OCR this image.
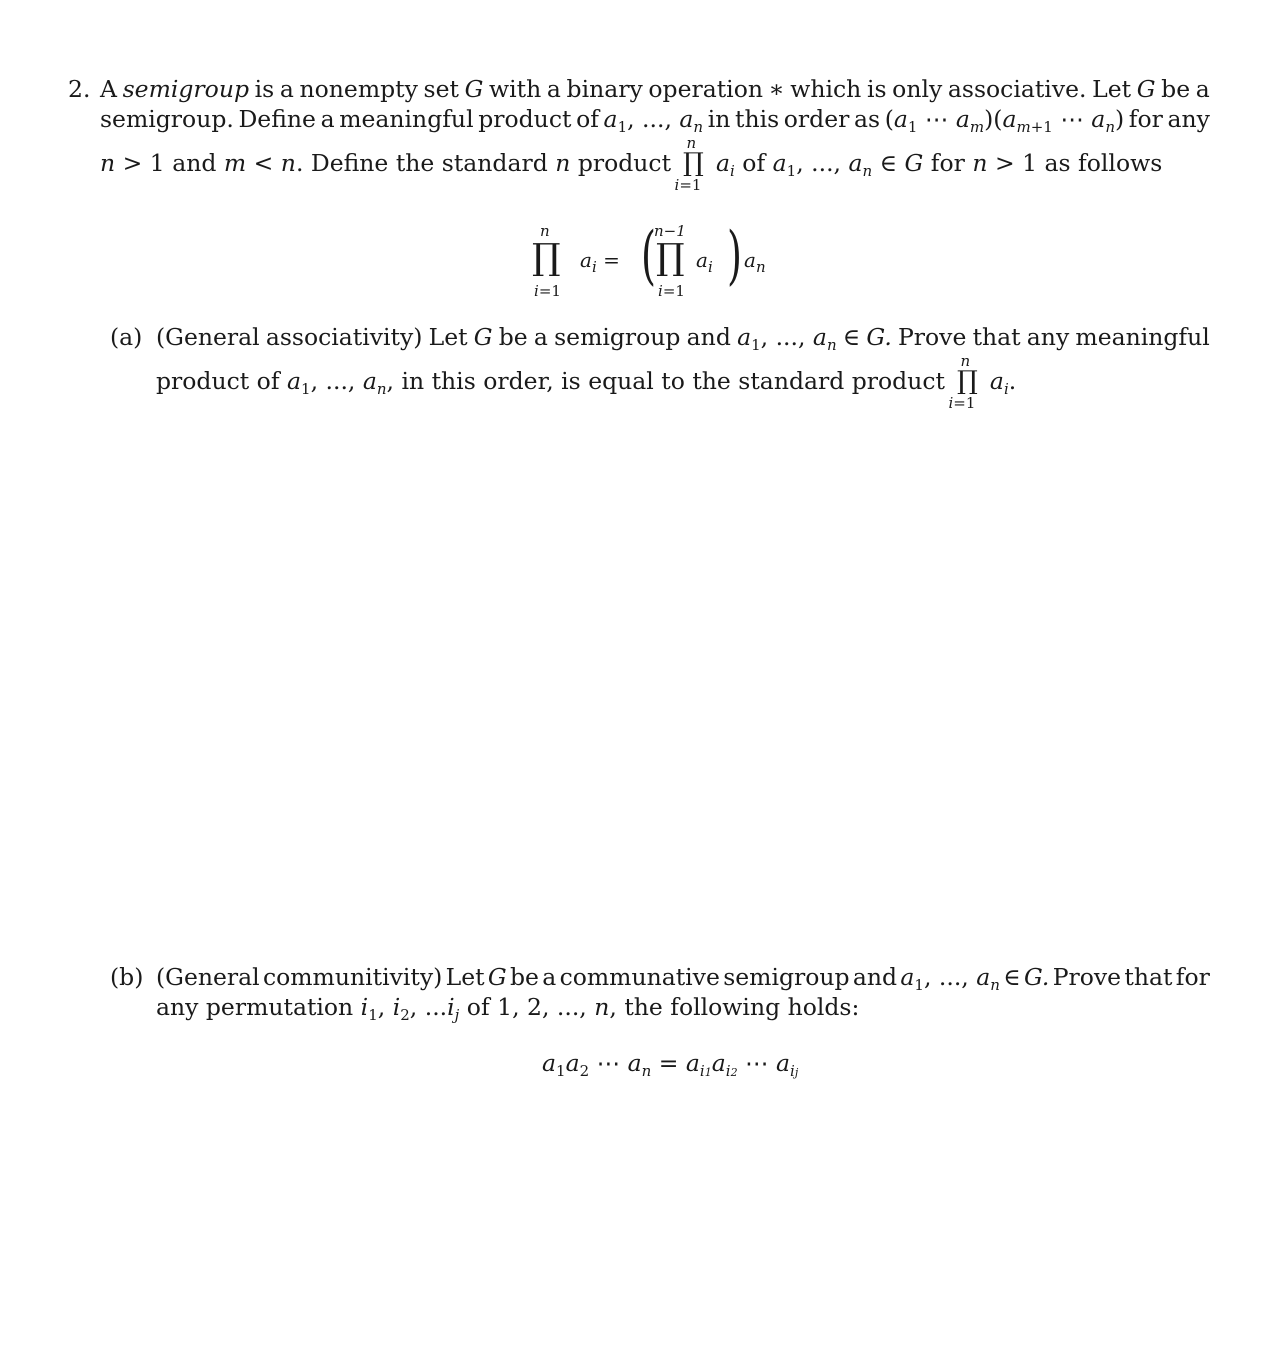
2. A semigroup is a nonempty set G with a binary operation ∗ which is only associative. Let G be a
semigroup. Define a meaningful product of $a_1$, ..., $a_n$ in this order as ($a_1$ ⋯ $a_m)(a_{m+1}$ ⋯ $a_n$) for any
n > 1 and m < n. Define the standard n product
n
∏
i=1
$a_i$ of $a_1$, ..., $a_n$ ∈ G for n > 1 as follows
n
∏
i=1
$a_i$ = (
n−1
∏
i=1
$a_i$ ) $a_n$
(a) (General associativity) Let G be a semigroup and $a_1$, ..., $a_n$ ∈ G. Prove that any meaningful
product of $a_1$, ..., $a_n$, in this order, is equal to the standard product
n
∏
i=1
$a_i$.
(b) (General communitivity) Let G be a communative semigroup and $a_1$, ..., $a_n$ ∈ G. Prove that for
any permutation $i_1$, $i_2$, $...i_j$ of 1, 2, ..., n, the following holds:
$a_1a_2$ ⋯ $a_n = a_{i1}a_{i2}$ ⋯ $a_{ij}$
